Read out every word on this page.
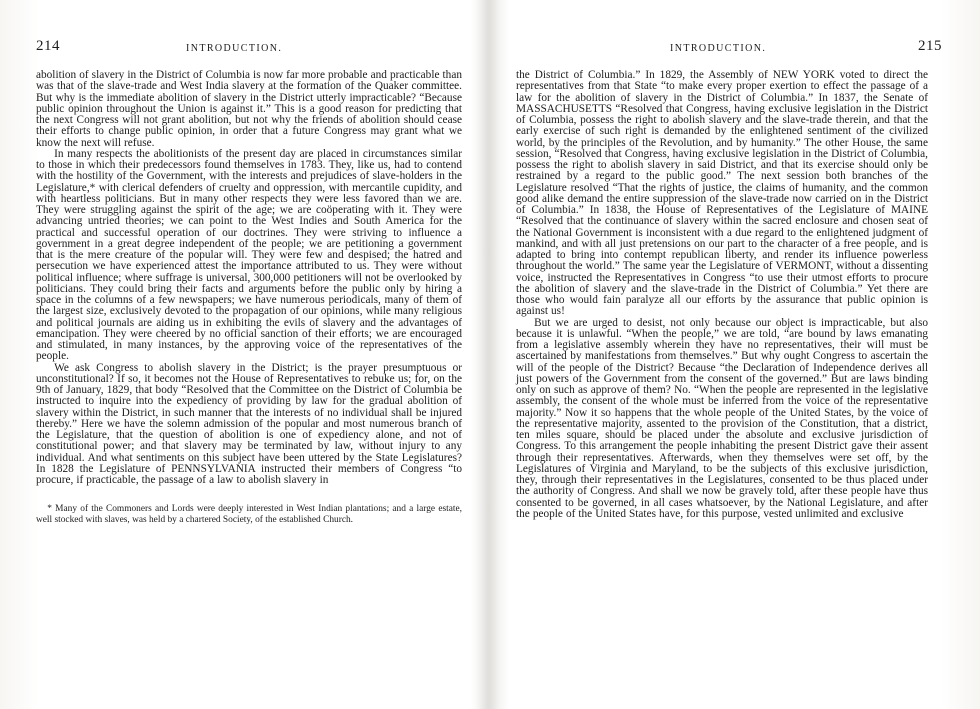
214	INTRODUCTION.

abolition of slavery in the District of Columbia is now far more probable and practicable than was that of the slave-trade and West India slavery at the formation of the Quaker committee. But why is the immediate abolition of slavery in the District utterly impracticable? “Because public opinion throughout the Union is against it.” This is a good reason for predicting that the next Congress will not grant abolition, but not why the friends of abolition should cease their efforts to change public opinion, in order that a future Congress may grant what we know the next will refuse.

In many respects the abolitionists of the present day are placed in circumstances similar to those in which their predecessors found themselves in 1783. They, like us, had to contend with the hostility of the Government, with the interests and prejudices of slave-holders in the Legislature,* with clerical defenders of cruelty and oppression, with mercantile cupidity, and with heartless politicians. But in many other respects they were less favored than we are. They were struggling against the spirit of the age; we are coöperating with it. They were advancing untried theories; we can point to the West Indies and South America for the practical and successful operation of our doctrines. They were striving to influence a government in a great degree independent of the people; we are petitioning a government that is the mere creature of the popular will. They were few and despised; the hatred and persecution we have experienced attest the importance attributed to us. They were without political influence; where suffrage is universal, 300,000 petitioners will not be overlooked by politicians. They could bring their facts and arguments before the public only by hiring a space in the columns of a few newspapers; we have numerous periodicals, many of them of the largest size, exclusively devoted to the propagation of our opinions, while many religious and political journals are aiding us in exhibiting the evils of slavery and the advantages of emancipation. They were cheered by no official sanction of their efforts; we are encouraged and stimulated, in many instances, by the approving voice of the representatives of the people.

We ask Congress to abolish slavery in the District; is the prayer presumptuous or unconstitutional? If so, it becomes not the House of Representatives to rebuke us; for, on the 9th of January, 1829, that body “Resolved that the Committee on the District of Columbia be instructed to inquire into the expediency of providing by law for the gradual abolition of slavery within the District, in such manner that the interests of no individual shall be injured thereby.” Here we have the solemn admission of the popular and most numerous branch of the Legislature, that the question of abolition is one of expediency alone, and not of constitutional power; and that slavery may be terminated by law, without injury to any individual. And what sentiments on this subject have been uttered by the State Legislatures? In 1828 the Legislature of PENNSYLVANIA instructed their members of Congress “to procure, if practicable, the passage of a law to abolish slavery in

* Many of the Commoners and Lords were deeply interested in West Indian plantations; and a large estate, well stocked with slaves, was held by a chartered Society, of the established Church.
INTRODUCTION.	215

the District of Columbia.” In 1829, the Assembly of NEW YORK voted to direct the representatives from that State “to make every proper exertion to effect the passage of a law for the abolition of slavery in the District of Columbia.” In 1837, the Senate of MASSACHUSETTS “Resolved that Congress, having exclusive legislation in the District of Columbia, possess the right to abolish slavery and the slave-trade therein, and that the early exercise of such right is demanded by the enlightened sentiment of the civilized world, by the principles of the Revolution, and by humanity.” The other House, the same session, “Resolved that Congress, having exclusive legislation in the District of Columbia, possess the right to abolish slavery in said District, and that its exercise should only be restrained by a regard to the public good.” The next session both branches of the Legislature resolved “That the rights of justice, the claims of humanity, and the common good alike demand the entire suppression of the slave-trade now carried on in the District of Columbia.” In 1838, the House of Representatives of the Legislature of MAINE “Resolved that the continuance of slavery within the sacred enclosure and chosen seat of the National Government is inconsistent with a due regard to the enlightened judgment of mankind, and with all just pretensions on our part to the character of a free people, and is adapted to bring into contempt republican liberty, and render its influence powerless throughout the world.” The same year the Legislature of VERMONT, without a dissenting voice, instructed the Representatives in Congress “to use their utmost efforts to procure the abolition of slavery and the slave-trade in the District of Columbia.” Yet there are those who would fain paralyze all our efforts by the assurance that public opinion is against us!

But we are urged to desist, not only because our object is impracticable, but also because it is unlawful. “When the people,” we are told, “are bound by laws emanating from a legislative assembly wherein they have no representatives, their will must be ascertained by manifestations from themselves.” But why ought Congress to ascertain the will of the people of the District? Because “the Declaration of Independence derives all just powers of the Government from the consent of the governed.” But are laws binding only on such as approve of them? No. “When the people are represented in the legislative assembly, the consent of the whole must be inferred from the voice of the representative majority.” Now it so happens that the whole people of the United States, by the voice of the representative majority, assented to the provision of the Constitution, that a district, ten miles square, should be placed under the absolute and exclusive jurisdiction of Congress. To this arrangement the people inhabiting the present District gave their assent through their representatives. Afterwards, when they themselves were set off, by the Legislatures of Virginia and Maryland, to be the subjects of this exclusive jurisdiction, they, through their representatives in the Legislatures, consented to be thus placed under the authority of Congress. And shall we now be gravely told, after these people have thus consented to be governed, in all cases whatsoever, by the National Legislature, and after the people of the United States have, for this purpose, vested unlimited and exclusive
